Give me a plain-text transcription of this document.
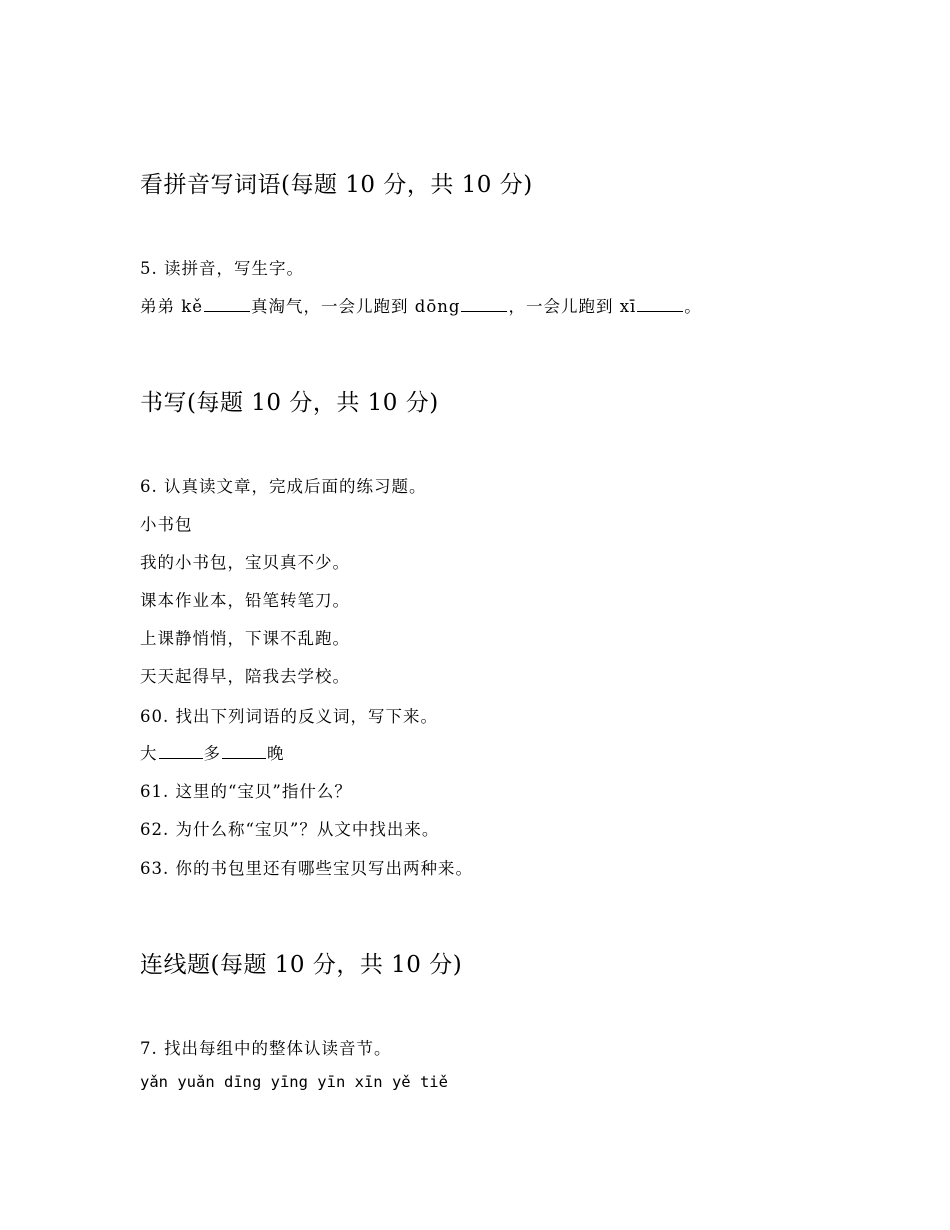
看拼音写词语(每题 10 分，共 10 分)
5. 读拼音，写生字。
弟弟 kě	真淘气，一会儿跑到 dōng	，一会儿跑到 xī	。
书写(每题 10 分，共 10 分)
6. 认真读文章，完成后面的练习题。
小书包
我的小书包，宝贝真不少。
课本作业本，铅笔转笔刀。
上课静悄悄，下课不乱跑。
天天起得早，陪我去学校。
60. 找出下列词语的反义词，写下来。
大	多	晚
61. 这里的“宝贝”指什么？
62. 为什么称“宝贝”？从文中找出来。
63. 你的书包里还有哪些宝贝写出两种来。
连线题(每题 10 分，共 10 分)
7. 找出每组中的整体认读音节。
yǎn yuǎn dīng yīng yīn xīn yě tiě
